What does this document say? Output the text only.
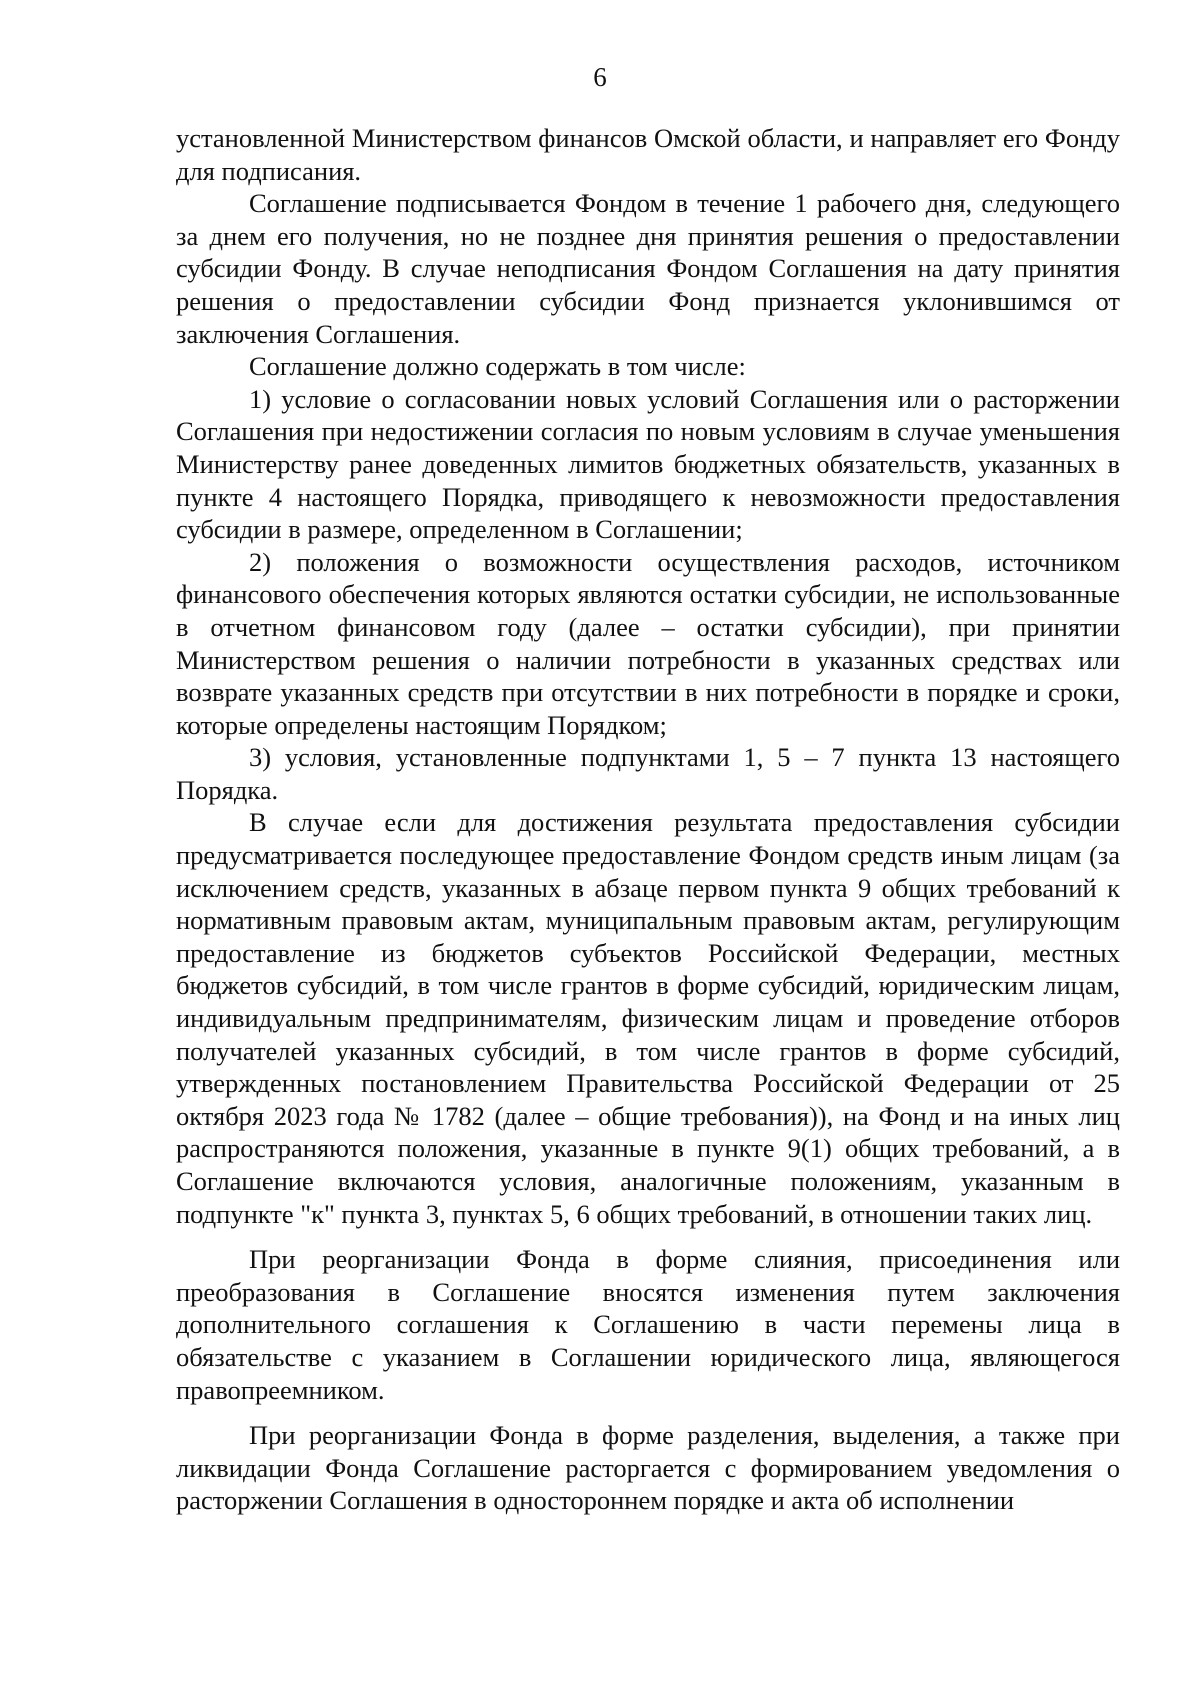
6

установленной Министерством финансов Омской области, и направляет его Фонду для подписания.

Соглашение подписывается Фондом в течение 1 рабочего дня, следующего за днем его получения, но не позднее дня принятия решения о предоставлении субсидии Фонду. В случае неподписания Фондом Соглашения на дату принятия решения о предоставлении субсидии Фонд признается уклонившимся от заключения Соглашения.

Соглашение должно содержать в том числе:

1) условие о согласовании новых условий Соглашения или о расторжении Соглашения при недостижении согласия по новым условиям в случае уменьшения Министерству ранее доведенных лимитов бюджетных обязательств, указанных в пункте 4 настоящего Порядка, приводящего к невозможности предоставления субсидии в размере, определенном в Соглашении;

2) положения о возможности осуществления расходов, источником финансового обеспечения которых являются остатки субсидии, не использованные в отчетном финансовом году (далее – остатки субсидии), при принятии Министерством решения о наличии потребности в указанных средствах или возврате указанных средств при отсутствии в них потребности в порядке и сроки, которые определены настоящим Порядком;

3) условия, установленные подпунктами 1, 5 – 7 пункта 13 настоящего Порядка.

В случае если для достижения результата предоставления субсидии предусматривается последующее предоставление Фондом средств иным лицам (за исключением средств, указанных в абзаце первом пункта 9 общих требований к нормативным правовым актам, муниципальным правовым актам, регулирующим предоставление из бюджетов субъектов Российской Федерации, местных бюджетов субсидий, в том числе грантов в форме субсидий, юридическим лицам, индивидуальным предпринимателям, физическим лицам и проведение отборов получателей указанных субсидий, в том числе грантов в форме субсидий, утвержденных постановлением Правительства Российской Федерации от 25 октября 2023 года № 1782 (далее – общие требования)), на Фонд и на иных лиц распространяются положения, указанные в пункте 9(1) общих требований, а в Соглашение включаются условия, аналогичные положениям, указанным в подпункте "к" пункта 3, пунктах 5, 6 общих требований, в отношении таких лиц.

При реорганизации Фонда в форме слияния, присоединения или преобразования в Соглашение вносятся изменения путем заключения дополнительного соглашения к Соглашению в части перемены лица в обязательстве с указанием в Соглашении юридического лица, являющегося правопреемником.

При реорганизации Фонда в форме разделения, выделения, а также при ликвидации Фонда Соглашение расторгается с формированием уведомления о расторжении Соглашения в одностороннем порядке и акта об исполнении
